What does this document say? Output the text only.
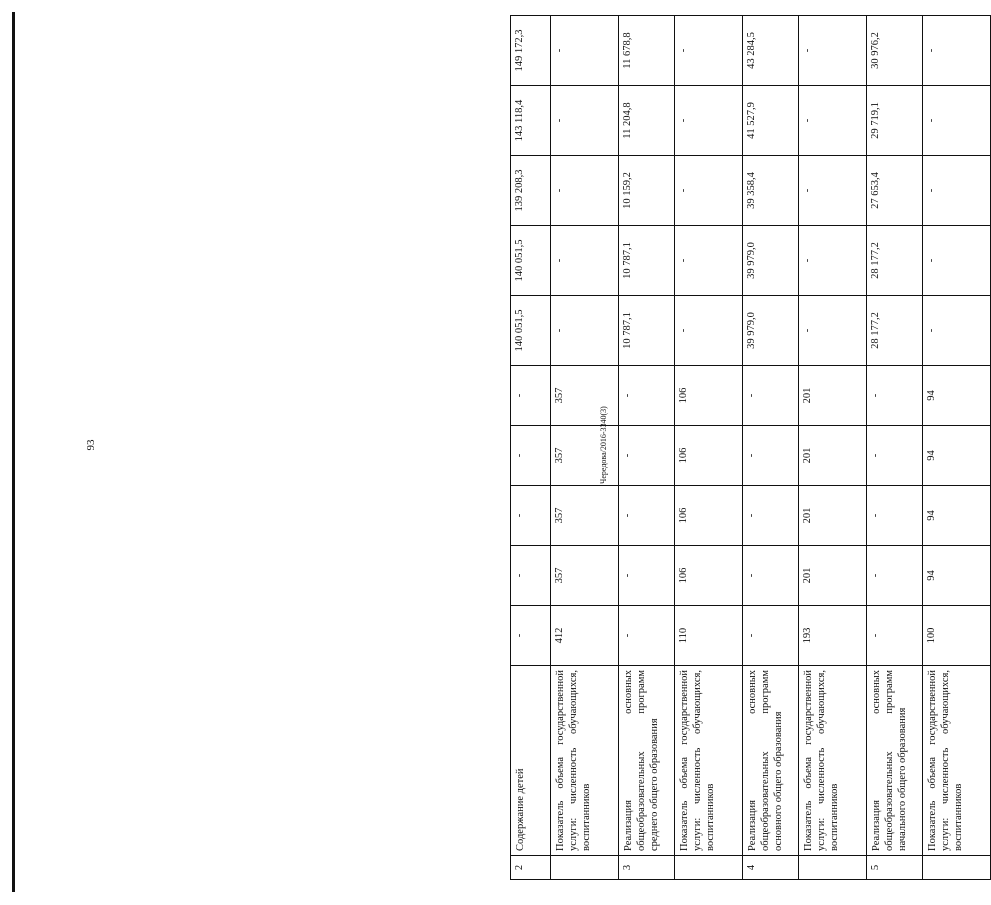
93	Чередова/2016-3340(3)
2	Содержание детей	-	-	-	-	-	140 051,5	140 051,5	139 208,3	143 118,4	149 172,3
	Показатель объема государственной услуги: численность обучающихся, воспитанников	412	357	357	357	357	-	-	-	-	-
3	Реализация основных общеобразовательных программ среднего общего образования	-	-	-	-	-	10 787,1	10 787,1	10 159,2	11 204,8	11 678,8
	Показатель объема государственной услуги: численность обучающихся, воспитанников	110	106	106	106	106	-	-	-	-	-
4	Реализация основных общеобразовательных программ основного общего образования	-	-	-	-	-	39 979,0	39 979,0	39 358,4	41 527,9	43 284,5
	Показатель объема государственной услуги: численность обучающихся, воспитанников	193	201	201	201	201	-	-	-	-	-
5	Реализация основных общеобразовательных программ начального общего образования	-	-	-	-	-	28 177,2	28 177,2	27 653,4	29 719,1	30 976,2
	Показатель объема государственной услуги: численность обучающихся, воспитанников	100	94	94	94	94	-	-	-	-	-
